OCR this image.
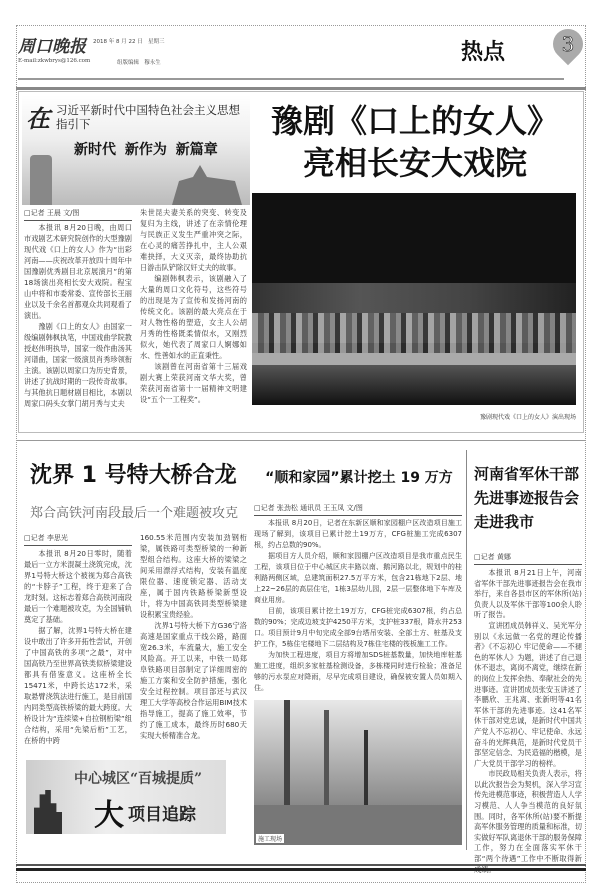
周口晚报 2018 年 8 月 22 日 星期三
E-mail:zkwbrys@126.com	组版编辑 穆永生	热点	3
在 习近平新时代中国特色社会主义思想指引下
新时代 新作为 新篇章
□记者 王晨 文/图

本报讯 8月20日晚，由周口市戏剧艺术研究院创作的大型豫剧现代戏《口上的女人》作为“出彩河南——庆祝改革开放四十周年中国豫剧优秀剧目北京展演月”的第18场演出亮相长安大戏院。程宝山中将和市委常委、宣传部长王丽业以及千余名首都观众共同观看了演出。

豫剧《口上的女人》由国家一级编剧韩枫执笔，中国戏曲学院教授赵伟明执导，国家一级作曲汤其河谱曲，国家一级演员肖秀珍领衔主演。该剧以周家口为历史背景，讲述了抗战时期的一段传奇故事。与其他抗日题材剧目相比，本剧以周家口码头女掌门胡月秀与丈夫

朱世昆夫妻关系的突变、转变及复归为主线，讲述了在亲情伦理与民族正义发生严重冲突之际，在心灵的痛苦挣扎中，主人公艰难抉择，大义灭亲，最终协助抗日游击队铲除汉奸丈夫的故事。

编剧韩枫表示，该剧融入了大量的周口文化符号，这些符号的出现是为了宣传和发扬河南的传统文化。该剧的最大亮点在于对人物性格的塑造，女主人公胡月秀的性格既柔情似水，又刚烈似火，她代表了周家口人婀娜如水、性善如水的正直秉性。

该剧曾在河南省第十三届戏剧大赛上荣获河南文华大奖，曾荣获河南省第十一届精神文明建设“五个一工程奖”。

豫剧《口上的女人》
亮相长安大戏院
豫剧现代戏《口上的女人》演出现场
沈界 1 号特大桥合龙
郑合高铁河南段最后一个难题被攻克
□记者 李思光

本报讯 8月20日零时，随着最后一立方米混凝土浇筑完成，沈界1号特大桥这个被视为郑合高铁的“卡脖子”工程，终于迎来了合龙时刻。这标志着郑合高铁河南段最后一个难题被攻克，为全国铺轨奠定了基础。

据了解，沈界1号特大桥在建设中敢出了许多开拓性尝试，开创了中国高铁的多项“之最”，对中国高铁乃至世界高铁类似桥梁建设都具有借鉴意义。这座桥全长15471米，中跨长达172米，采取悬臂浇筑法进行施工，是目前国内同类型高铁桥梁的最大跨度。大桥设计为“连续梁+自拉钢桁梁”组合结构，采用“先梁后桁”工艺，在桥的中跨

160.55米范围内安装加劲钢桁梁，属铁路可类型桥梁的一种新型组合结构。这座大桥的梁梁之间采用漂浮式结构，安装有温度限位器、速度锁定器、活动支座，属于国内铁路桥梁新型设计，将为中国高铁同类型桥梁建设积累宝贵经验。

沈界1号特大桥下方G36宁洛高速是国家重点干线公路，路面宽26.3米，车流量大，施工安全风险高。开工以来，中铁一局郑阜铁路项目部制定了详细周密的施工方案和安全防护措施，强化安全过程控制。项目部还与武汉理工大学等高校合作运用BIM技术指导施工，提高了施工效率，节约了施工成本，最终历时680天实现大桥精准合龙。

中心城区“百城提质”
大 项目追踪
“顺和家园”累计挖土 19 万方
□记者 张劲松 通讯员 王玉凤 文/图

本报讯 8月20日，记者在东新区顺和家园棚户区改造项目施工现场了解到，该项目已累计挖土19万方，CFG桩施工完成6307根，约占总数的90%。

据项目方人员介绍，顺和家园棚户区改造项目是我市重点民生工程，该项目位于中心城区庆丰路以南、鹅河路以北，规划中的桂利路两侧区域，总建筑面积27.5万平方米，包含21栋地下2层、地上22~26层的高层住宅，1栋3层幼儿园，2层一层整体地下车库及商业用房。

目前，该项目累计挖土19万方，CFG桩完成6307根，约占总数的90%；完成边坡支护4250平方米，支护桩337根，降水井253口。项目预计9月中旬完成全部9台塔吊安装、全部土方、桩基及支护工作，5栋住宅楼地下二层结构及7栋住宅楼的筏板施工工作。

为加快工程进度，项目方将增加SDS桩基数量，加快地库桩基施工进度，组织多家桩基检测设备，多栋楼同时进行检验；准备足够的污水泵应对降雨，尽早完成项目建设，确保被安置人员如期入住。

施工现场
河南省军休干部先进事迹报告会走进我市
□记者 黄娜

本报讯 8月21日上午，河南省军休干部先进事迹报告会在我市举行，来自各县市区的军休所(站)负责人以及军休干部等100余人聆听了报告。

宣讲团成员韩祥义、吴光军分别以《永远做一名党的理论传播者》《不忘初心 牢记使命——不褪色的军休人》为题，讲述了自己退休不退志，离岗不离党，继续在新的岗位上发挥余热、奉献社会的先进事迹。宣讲团成员张安玉讲述了李鹏欣、王兆离、张新明等41名军休干部的先进事迹。这41名军休干部对党忠诚，是新时代中国共产党人不忘初心、牢记使命、永远奋斗的光辉典范，是新时代党员干部坚定信念、为民造福的楷模，是广大党员干部学习的榜样。

市民政局相关负责人表示，将以此次报告会为契机，深入学习宣传先进模范事迹，积极营造人人学习模范、人人争当模范的良好氛围。同时，各军休所(站)要不断提高军休服务管理的质量和标准，切实做好军队离退休干部的服务保障工作，努力在全面落实军休干部“两个待遇”工作中不断取得新
